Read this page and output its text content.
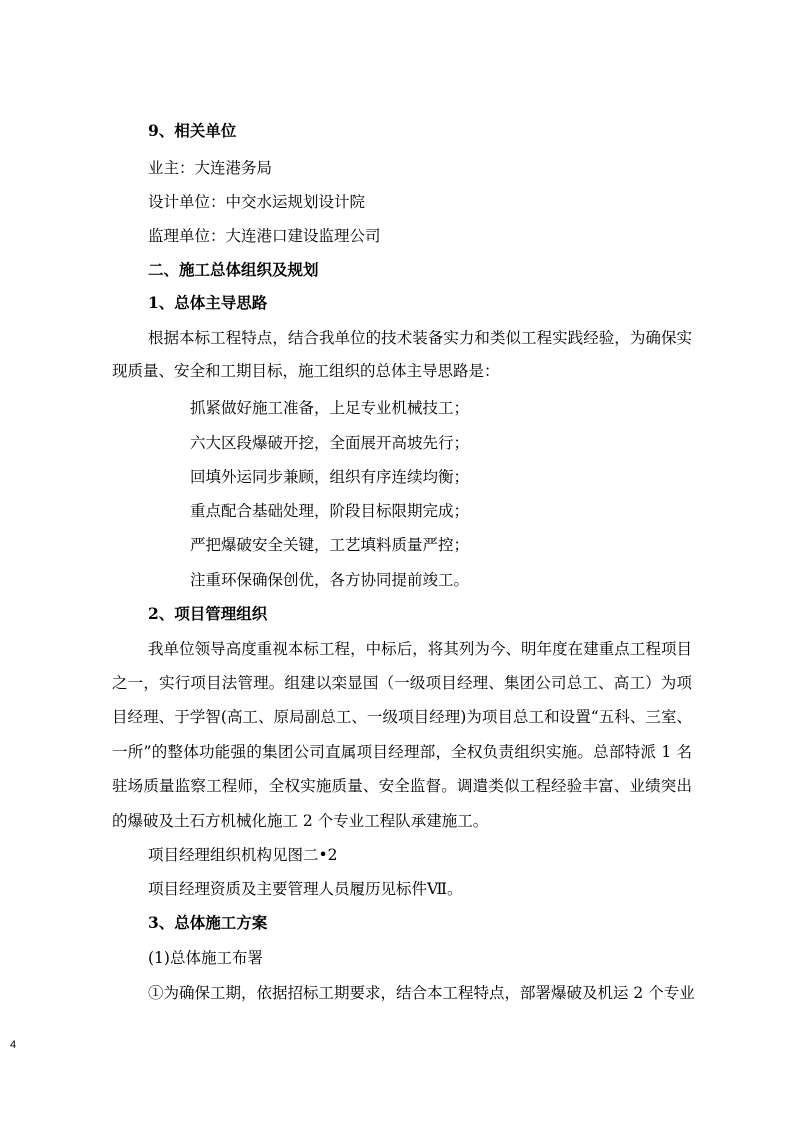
9、相关单位
业主：大连港务局
设计单位：中交水运规划设计院
监理单位：大连港口建设监理公司
二、施工总体组织及规划
1、总体主导思路
根据本标工程特点，结合我单位的技术装备实力和类似工程实践经验，为确保实
现质量、安全和工期目标，施工组织的总体主导思路是：
抓紧做好施工准备，上足专业机械技工；
六大区段爆破开挖，全面展开高坡先行；
回填外运同步兼顾，组织有序连续均衡；
重点配合基础处理，阶段目标限期完成；
严把爆破安全关键，工艺填料质量严控；
注重环保确保创优，各方协同提前竣工。
2、项目管理组织
我单位领导高度重视本标工程，中标后，将其列为今、明年度在建重点工程项目
之一，实行项目法管理。组建以栾显国（一级项目经理、集团公司总工、高工）为项
目经理、于学智(高工、原局副总工、一级项目经理)为项目总工和设置“五科、三室、
一所”的整体功能强的集团公司直属项目经理部，全权负责组织实施。总部特派 1 名
驻场质量监察工程师，全权实施质量、安全监督。调遣类似工程经验丰富、业绩突出
的爆破及土石方机械化施工 2 个专业工程队承建施工。
项目经理组织机构见图二•2
项目经理资质及主要管理人员履历见标件Ⅶ。
3、总体施工方案
(1)总体施工布署
①为确保工期，依据招标工期要求，结合本工程特点，部署爆破及机运 2 个专业
4
